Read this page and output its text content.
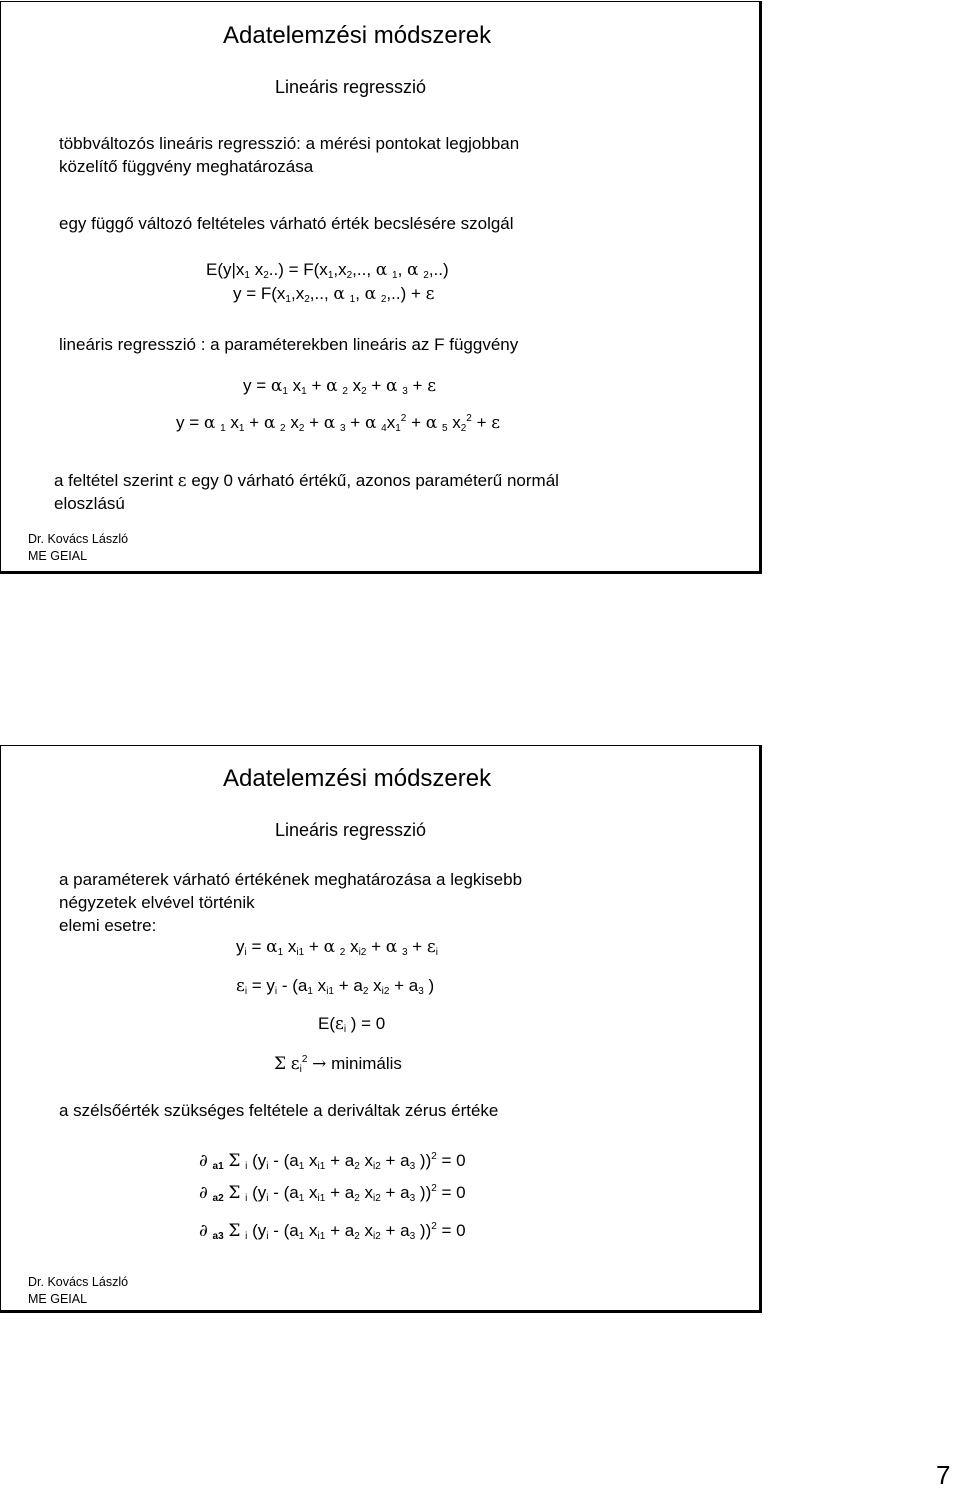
Adatelemzési módszerek
Lineáris regresszió
többváltozós lineáris regresszió: a mérési pontokat legjobban
közelítő függvény meghatározása
egy függő változó feltételes várható érték becslésére szolgál
$E(y|x_1$ $x_2..) = F(x_1,x_2$,.., α $_1$, α $_2$,..)
$y = F(x_1,x_2$,.., α $_1$, α $_2$,..) + ε
lineáris regresszió : a paraméterekben lineáris az F függvény
$y = \alpha_1$ $x_1 + \alpha$ $_2$ $x_2 + \alpha$ $_3$ + ε
y = α $_1$ $x_1 + \alpha$ $_2$ $x_2 + \alpha$ $_3$ + α $_4x_1^2 + \alpha$ $_5$ $x_2^2 + \varepsilon$
a feltétel szerint ε egy 0 várható értékű, azonos paraméterű normál
eloszlású
Dr. Kovács László
ME GEIAL
Adatelemzési módszerek
Lineáris regresszió
a paraméterek várható értékének meghatározása a legkisebb
négyzetek elvével történik
elemi esetre:
$y_i = \alpha_1$ $x_{i1} + \alpha$ $_2$ $x_{i2} + \alpha$ $_3 + \varepsilon_i$
$\varepsilon_i = y_i - (a_1$ $x_{i1} + a_2$ $x_{i2} + a_3$ )
$E(\varepsilon_i$ ) = 0
Σ $\varepsilon_i^2$ → minimális
a szélsőérték szükséges feltétele a deriváltak zérus értéke
∂ $_{a1}$ Σ $_i$ ($y_i - (a_1$ $x_{i1} + a_2$ $x_{i2} + a_3$ ))$^2$ = 0
∂ $_{a2}$ Σ $_i$ ($y_i - (a_1$ $x_{i1} + a_2$ $x_{i2} + a_3$ ))$^2$ = 0
∂ $_{a3}$ Σ $_i$ ($y_i - (a_1$ $x_{i1} + a_2$ $x_{i2} + a_3$ ))$^2$ = 0
Dr. Kovács László
ME GEIAL
7
